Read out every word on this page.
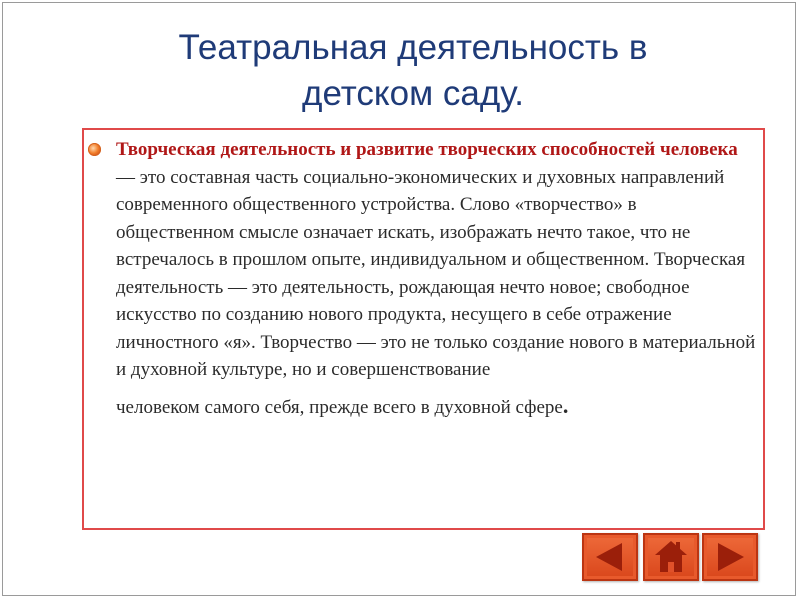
Театральная деятельность в
детском саду.
Творческая деятельность и развитие творческих способностей человека — это составная часть социально-экономических и духовных направлений современного общественного устройства. Слово «творчество» в общественном смысле означает искать, изображать нечто такое, что не встречалось в прошлом опыте, индивидуальном и общественном. Творческая деятельность — это деятельность, рождающая нечто новое; свободное искусство по созданию нового продукта, несущего в себе отражение личностного «я». Творчество — это не только создание нового в материальной и духовной культуре, но и совершенствование человеком самого себя, прежде всего в духовной сфере.
